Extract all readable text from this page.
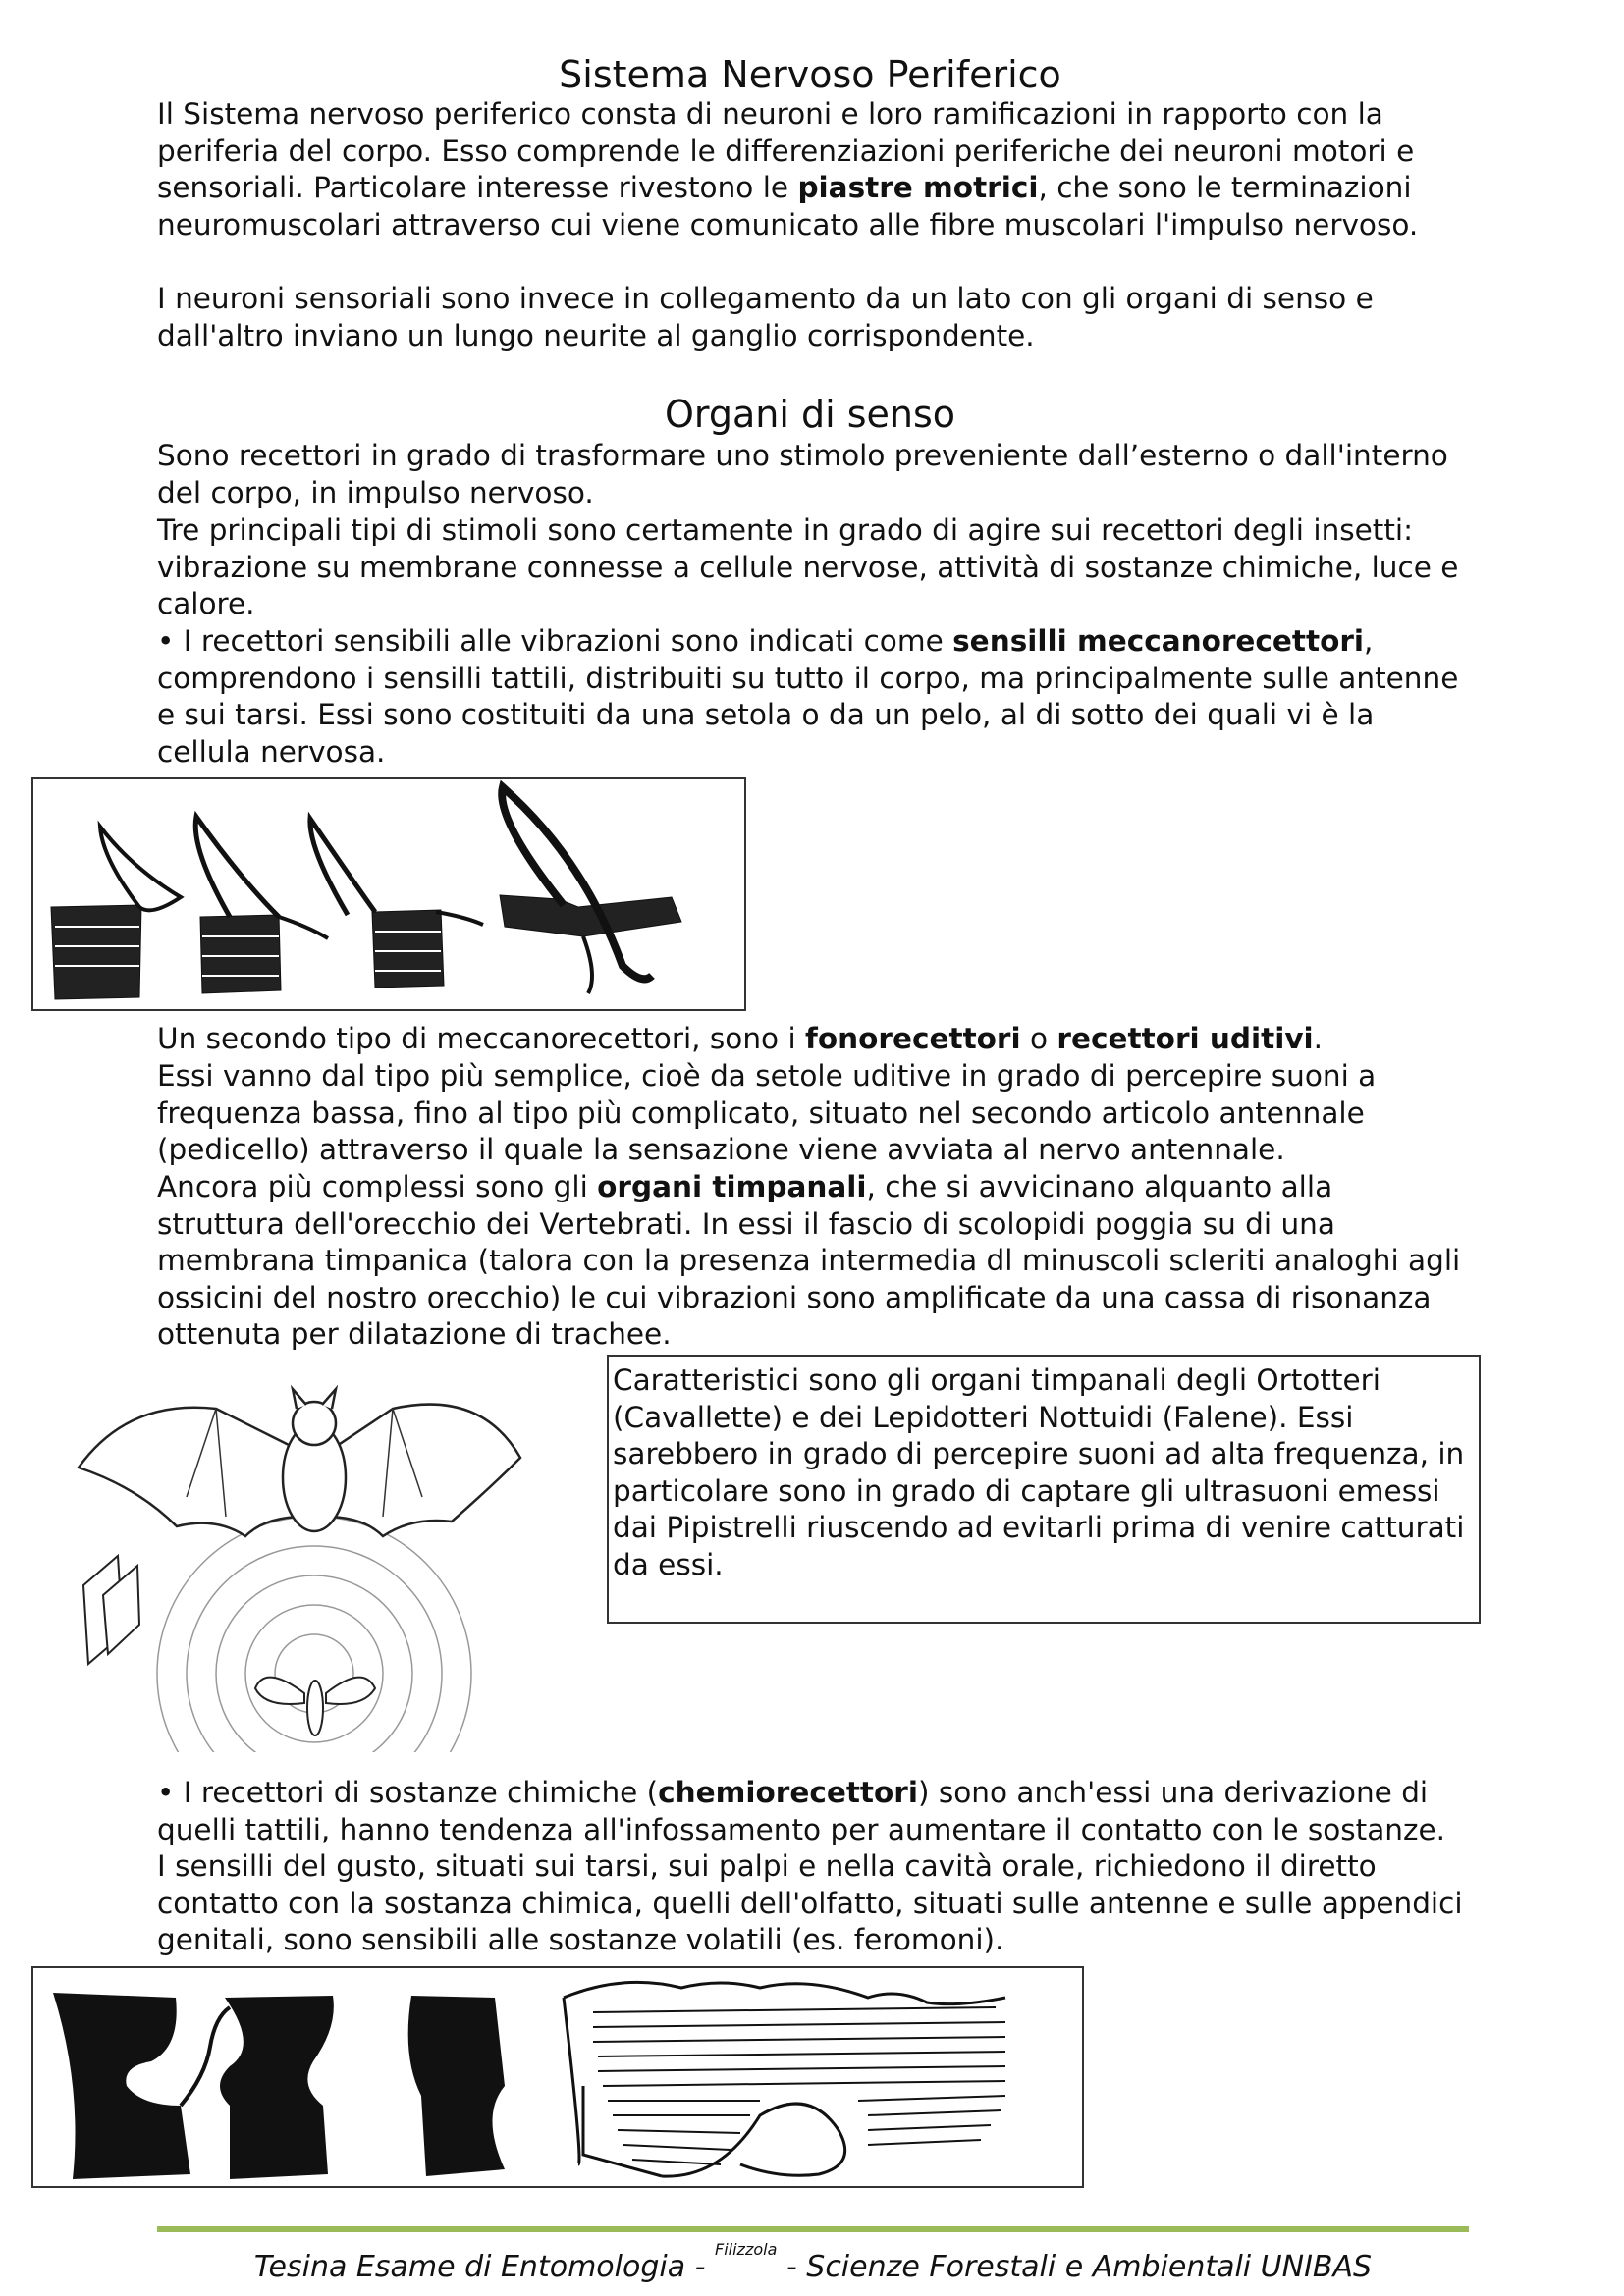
Sistema Nervoso Periferico
Il Sistema nervoso periferico consta di neuroni e loro ramificazioni in rapporto con la periferia del corpo. Esso comprende le differenziazioni periferiche dei neuroni motori e sensoriali. Particolare interesse rivestono le piastre motrici, che sono le terminazioni neuromuscolari attraverso cui viene comunicato alle fibre muscolari l'impulso nervoso.
I neuroni sensoriali sono invece in collegamento da un lato con gli organi di senso e dall'altro inviano un lungo neurite al ganglio corrispondente.
Organi di senso
Sono recettori in grado di trasformare uno stimolo preveniente dall’esterno o dall'interno del corpo, in impulso nervoso.
Tre principali tipi di stimoli sono certamente in grado di agire sui recettori degli insetti: vibrazione su membrane connesse a cellule nervose, attività di sostanze chimiche, luce e calore.
• I recettori sensibili alle vibrazioni sono indicati come sensilli meccanorecettori, comprendono i sensilli tattili, distribuiti su tutto il corpo, ma principalmente sulle antenne e sui tarsi. Essi sono costituiti da una setola o da un pelo, al di sotto dei quali vi è la cellula nervosa.
Un secondo tipo di meccanorecettori, sono i fonorecettori o recettori uditivi.
Essi vanno dal tipo più semplice, cioè da setole uditive in grado di percepire suoni a frequenza bassa, fino al tipo più complicato, situato nel secondo articolo antennale (pedicello) attraverso il quale la sensazione viene avviata al nervo antennale.
Ancora più complessi sono gli organi timpanali, che si avvicinano alquanto alla struttura dell'orecchio dei Vertebrati. In essi il fascio di scolopidi poggia su di una membrana timpanica (talora con la presenza intermedia dl minuscoli scleriti analoghi agli ossicini del nostro orecchio) le cui vibrazioni sono amplificate da una cassa di risonanza ottenuta per dilatazione di trachee.
Caratteristici sono gli organi timpanali degli Ortotteri (Cavallette) e dei Lepidotteri Nottuidi (Falene). Essi sarebbero in grado di percepire suoni ad alta frequenza, in particolare sono in grado di captare gli ultrasuoni emessi dai Pipistrelli riuscendo ad evitarli prima di venire catturati da essi.
• I recettori di sostanze chimiche (chemiorecettori) sono anch'essi una derivazione di quelli tattili, hanno tendenza all'infossamento per aumentare il contatto con le sostanze. I sensilli del gusto, situati sui tarsi, sui palpi e nella cavità orale, richiedono il diretto contatto con la sostanza chimica, quelli dell'olfatto, situati sulle antenne e sulle appendici genitali, sono sensibili alle sostanze volatili (es. feromoni).
Tesina Esame di Entomologia - $^{Filizzola}$ - Scienze Forestali e Ambientali UNIBAS
